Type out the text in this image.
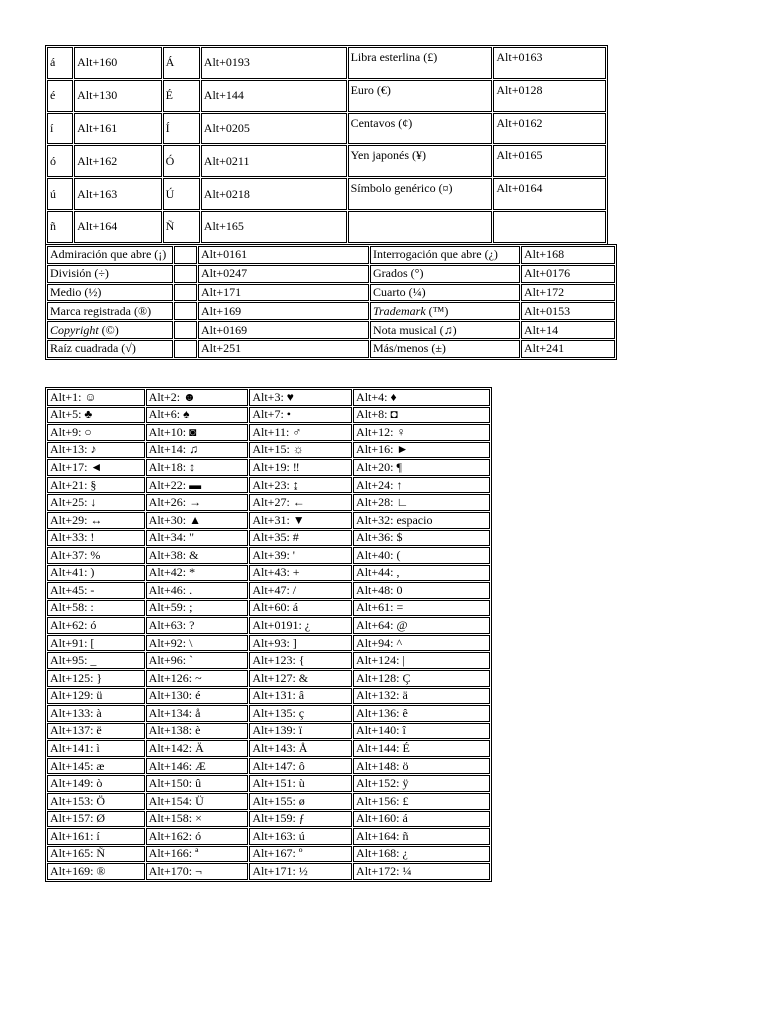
á	Alt+160	Á	Alt+0193	Libra esterlina (£)	Alt+0163
é	Alt+130	É	Alt+144	Euro (€)	Alt+0128
í	Alt+161	Í	Alt+0205	Centavos (¢)	Alt+0162
ó	Alt+162	Ó	Alt+0211	Yen japonés (¥)	Alt+0165
ú	Alt+163	Ú	Alt+0218	Símbolo genérico (¤)	Alt+0164
ñ	Alt+164	Ñ	Alt+165		
Admiración que abre (¡)		Alt+0161	Interrogación que abre (¿)	Alt+168
División (÷)		Alt+0247	Grados (°)	Alt+0176
Medio (½)		Alt+171	Cuarto (¼)	Alt+172
Marca registrada (®)		Alt+169	Trademark (™)	Alt+0153
Copyright (©)		Alt+0169	Nota musical (♫)	Alt+14
Raíz cuadrada (√)		Alt+251	Más/menos (±)	Alt+241
Alt+1: ☺	Alt+2: ☻	Alt+3: ♥	Alt+4: ♦
Alt+5: ♣	Alt+6: ♠	Alt+7: •	Alt+8: ◘
Alt+9: ○	Alt+10: ◙	Alt+11: ♂	Alt+12: ♀
Alt+13: ♪	Alt+14: ♫	Alt+15: ☼	Alt+16: ►
Alt+17: ◄	Alt+18: ↕	Alt+19: ‼	Alt+20: ¶
Alt+21: §	Alt+22: ▬	Alt+23: ↨	Alt+24: ↑
Alt+25: ↓	Alt+26: →	Alt+27: ←	Alt+28: ∟
Alt+29: ↔	Alt+30: ▲	Alt+31: ▼	Alt+32: espacio
Alt+33: !	Alt+34: "	Alt+35: #	Alt+36: $
Alt+37: %	Alt+38: &	Alt+39: '	Alt+40: (
Alt+41: )	Alt+42: *	Alt+43: +	Alt+44: ,
Alt+45: -	Alt+46: .	Alt+47: /	Alt+48: 0
Alt+58: :	Alt+59: ;	Alt+60: á	Alt+61: =
Alt+62: ó	Alt+63: ?	Alt+0191: ¿	Alt+64: @
Alt+91: [	Alt+92: \	Alt+93: ]	Alt+94: ^
Alt+95: _	Alt+96: `	Alt+123: {	Alt+124: |
Alt+125: }	Alt+126: ~	Alt+127: &	Alt+128: Ç
Alt+129: ü	Alt+130: é	Alt+131: â	Alt+132: ä
Alt+133: à	Alt+134: å	Alt+135: ç	Alt+136: ê
Alt+137: ë	Alt+138: è	Alt+139: ï	Alt+140: î
Alt+141: ì	Alt+142: Ä	Alt+143: Å	Alt+144: É
Alt+145: æ	Alt+146: Æ	Alt+147: ô	Alt+148: ö
Alt+149: ò	Alt+150: û	Alt+151: ù	Alt+152: ÿ
Alt+153: Ö	Alt+154: Ü	Alt+155: ø	Alt+156: £
Alt+157: Ø	Alt+158: ×	Alt+159: ƒ	Alt+160: á
Alt+161: í	Alt+162: ó	Alt+163: ú	Alt+164: ñ
Alt+165: Ñ	Alt+166: ª	Alt+167: º	Alt+168: ¿
Alt+169: ®	Alt+170: ¬	Alt+171: ½	Alt+172: ¼
